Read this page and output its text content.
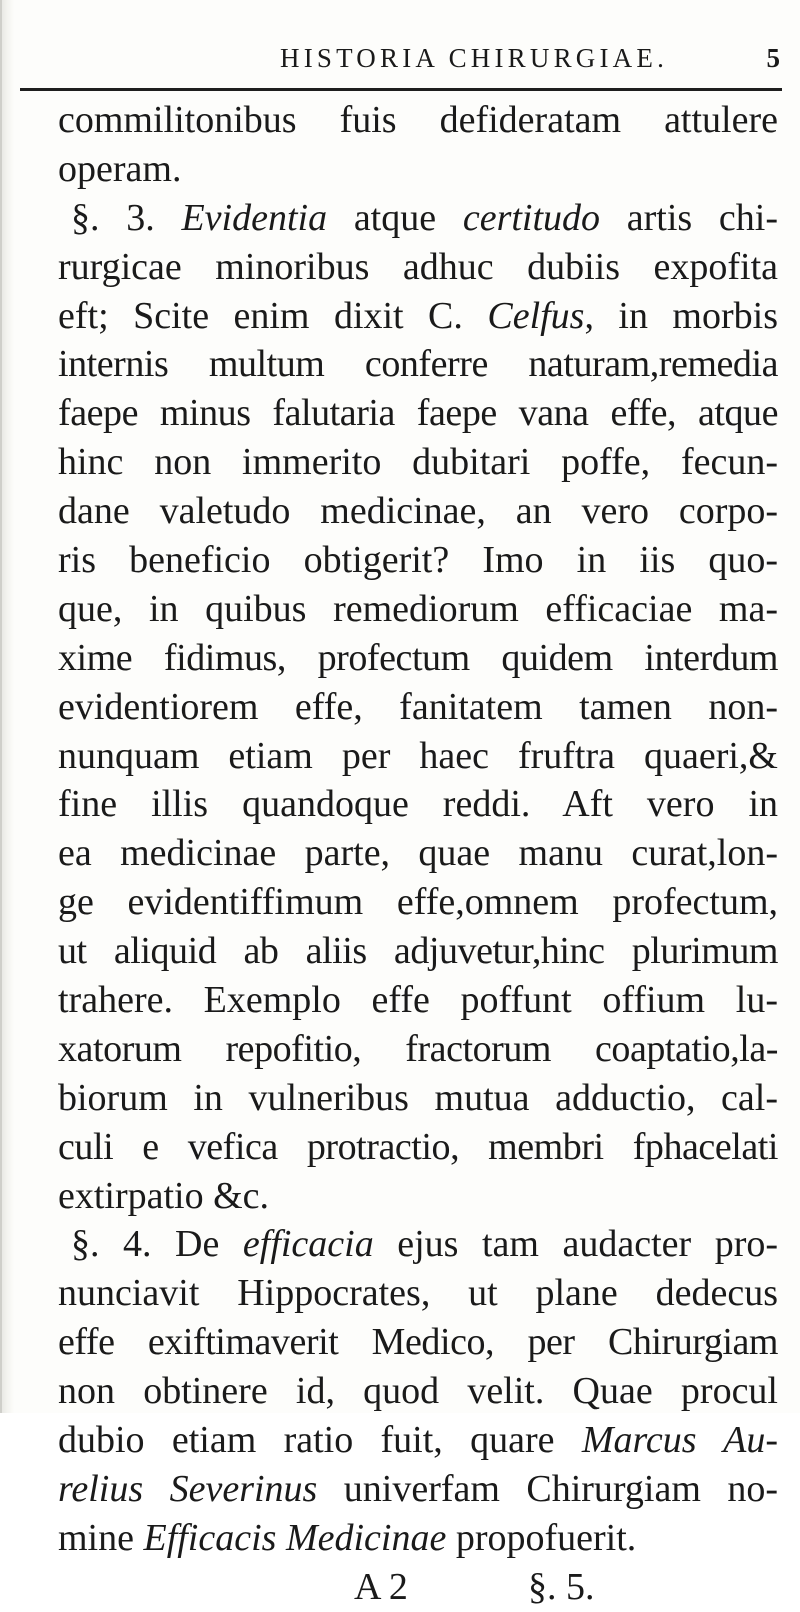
HISTORIA CHIRURGIAE.	5
commilitonibus fuis defideratam attulere
operam.
§. 3. Evidentia atque certitudo artis chi-
rurgicae minoribus adhuc dubiis expofita
eft; Scite enim dixit C. Celfus, in morbis
internis multum conferre naturam,remedia
faepe minus falutaria faepe vana effe, atque
hinc non immerito dubitari poffe, fecun-
dane valetudo medicinae, an vero corpo-
ris beneficio obtigerit? Imo in iis quo-
que, in quibus remediorum efficaciae ma-
xime fidimus, profectum quidem interdum
evidentiorem effe, fanitatem tamen non-
nunquam etiam per haec fruftra quaeri,&
fine illis quandoque reddi. Aft vero in
ea medicinae parte, quae manu curat,lon-
ge evidentiffimum effe,omnem profectum,
ut aliquid ab aliis adjuvetur,hinc plurimum
trahere. Exemplo effe poffunt offium lu-
xatorum repofitio, fractorum coaptatio,la-
biorum in vulneribus mutua adductio, cal-
culi e vefica protractio, membri fphacelati
extirpatio &c.
§. 4. De efficacia ejus tam audacter pro-
nunciavit Hippocrates, ut plane dedecus
effe exiftimaverit Medico, per Chirurgiam
non obtinere id, quod velit. Quae procul
dubio etiam ratio fuit, quare Marcus Au-
relius Severinus univerfam Chirurgiam no-
mine Efficacis Medicinae propofuerit.
A 2	§. 5.
